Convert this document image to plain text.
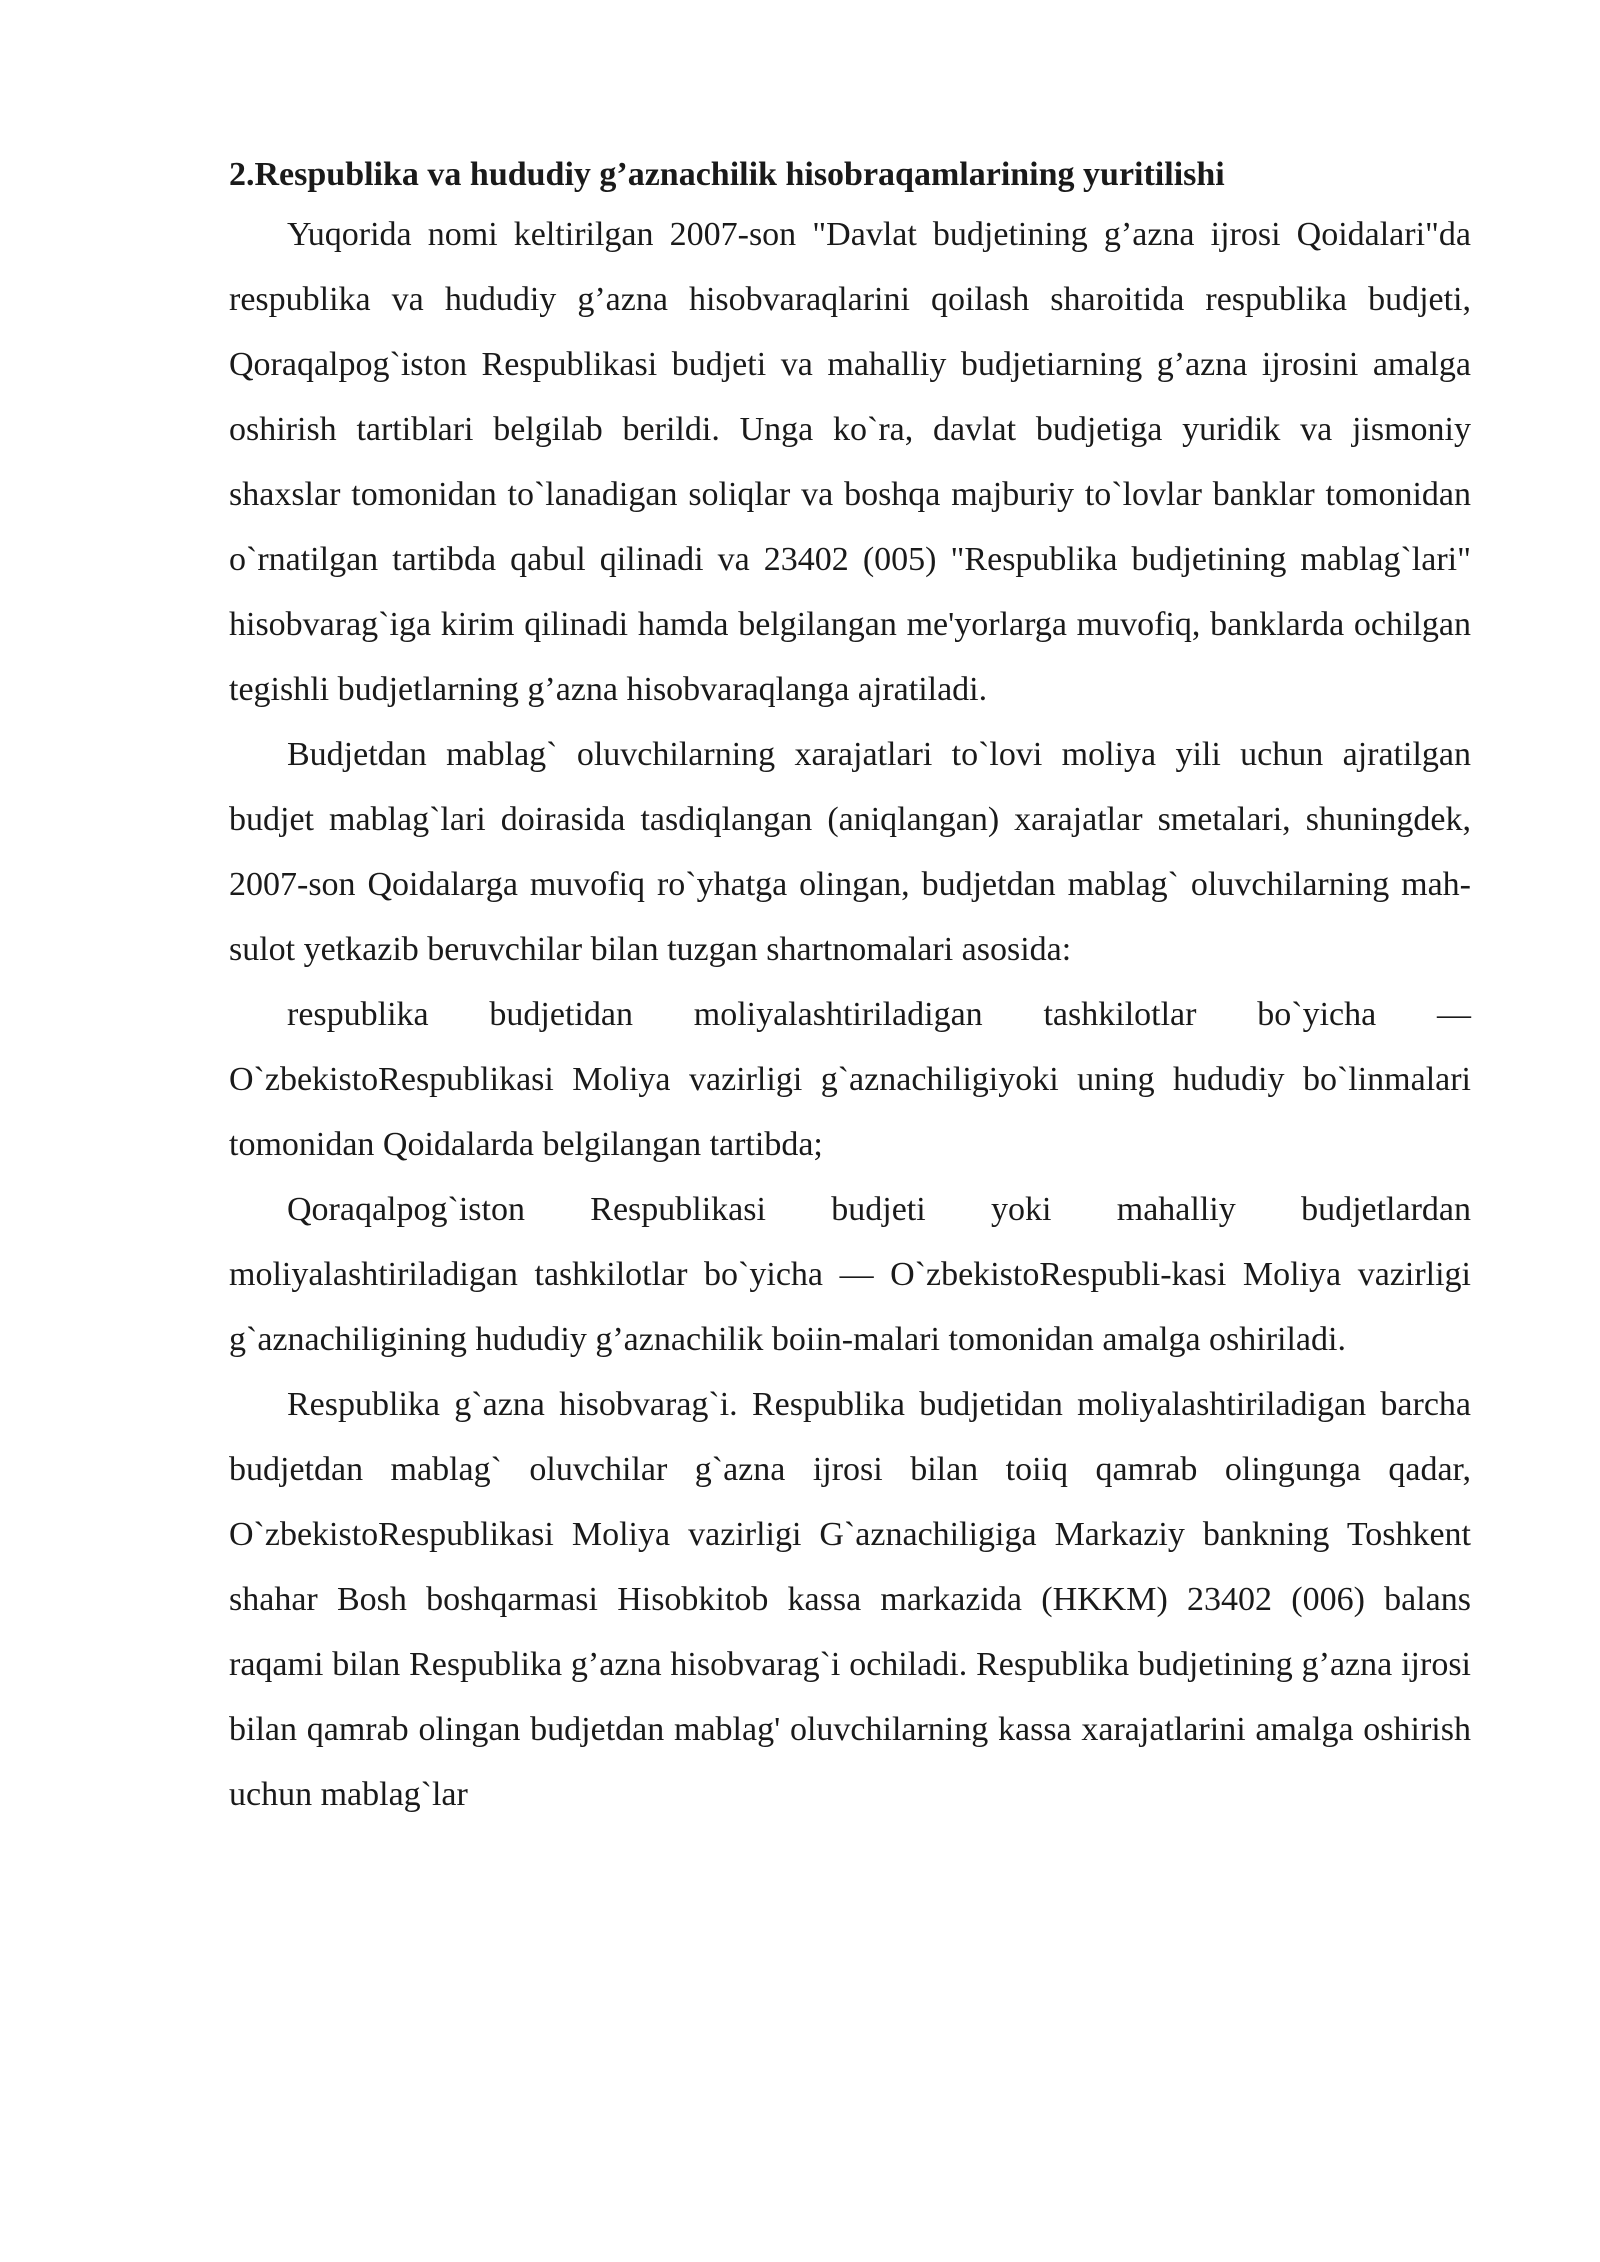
2.Respublika va hududiy g’aznachilik hisobraqamlarining yuritilishi

Yuqorida nomi keltirilgan 2007-son "Davlat budjetining g’azna ijrosi Qoidalari"da respublika va hududiy g’azna hisobvaraqlarini qoilash sharoitida respublika budjeti, Qoraqalpog`iston Respublikasi budjeti va mahalliy budjetiarning g’azna ijrosini amalga oshirish tartiblari belgilab berildi. Unga ko`ra, davlat budjetiga yuridik va jismoniy shaxslar tomonidan to`lanadigan soliqlar va boshqa majburiy to`lovlar banklar tomonidan o`rnatilgan tartibda qabul qilinadi va 23402 (005) "Respublika budjetining mablag`lari" hisobvarag`iga kirim qilinadi hamda belgilangan me'yorlarga muvofiq, banklarda ochilgan tegishli budjetlarning g’azna hisobvaraqlanga ajratiladi.

Budjetdan mablag` oluvchilarning xarajatlari to`lovi moliya yili uchun ajratilgan budjet mablag`lari doirasida tasdiqlangan (aniqlangan) xarajatlar smetalari, shuningdek, 2007-son Qoidalarga muvofiq ro`yhatga olingan, budjetdan mablag` oluvchilarning mah-sulot yetkazib beruvchilar bilan tuzgan shartnomalari asosida:

respublika budjetidan moliyalashtiriladigan tashkilotlar bo`yicha — O`zbekistoRespublikasi Moliya vazirligi g`aznachiligiyoki uning hududiy bo`linmalari tomonidan Qoidalarda belgilangan tartibda;

Qoraqalpog`iston Respublikasi budjeti yoki mahalliy budjetlardan moliyalashtiriladigan tashkilotlar bo`yicha — O`zbekistoRespubli-kasi Moliya vazirligi g`aznachiligining hududiy g’aznachilik boiin-malari tomonidan amalga oshiriladi.

Respublika g`azna hisobvarag`i. Respublika budjetidan moliyalashtiriladigan barcha budjetdan mablag` oluvchilar g`azna ijrosi bilan toiiq qamrab olingunga qadar, O`zbekistoRespublikasi Moliya vazirligi G`aznachiligiga Markaziy bankning Toshkent shahar Bosh boshqarmasi Hisobkitob kassa markazida (HKKM) 23402 (006) balans raqami bilan Respublika g’azna hisobvarag`i ochiladi. Respublika budjetining g’azna ijrosi bilan qamrab olingan budjetdan mablag' oluvchilarning kassa xarajatlarini amalga oshirish uchun mablag`lar
